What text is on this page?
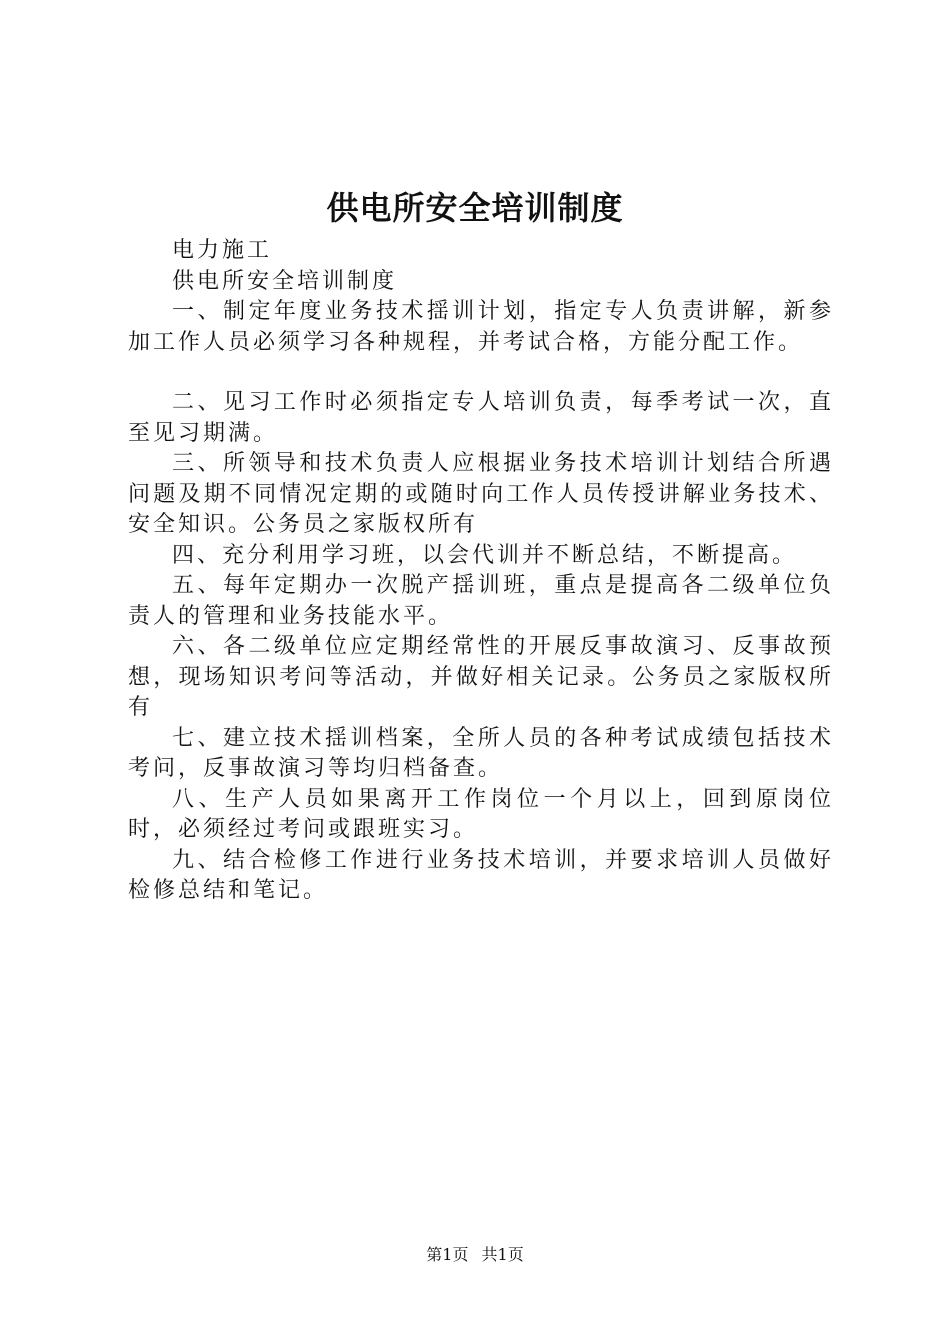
供电所安全培训制度

电力施工

供电所安全培训制度

一、制定年度业务技术揺训计划，指定专人负责讲解，新参加工作人员必须学习各种规程，并考试合格，方能分配工作。

二、见习工作时必须指定专人培训负责，每季考试一次，直至见习期满。

三、所领导和技术负责人应根据业务技术培训计划结合所遇问题及期不同情况定期的或随时向工作人员传授讲解业务技术、安全知识。公务员之家版权所有

四、充分利用学习班，以会代训并不断总结，不断提高。

五、每年定期办一次脱产揺训班，重点是提高各二级单位负责人的管理和业务技能水平。

六、各二级单位应定期经常性的开展反事故演习、反事故预想，现场知识考问等活动，并做好相关记录。公务员之家版权所有

七、建立技术揺训档案，全所人员的各种考试成绩包括技术考问，反事故演习等均归档备查。

八、生产人员如果离开工作岗位一个月以上，回到原岗位时，必须经过考问或跟班实习。

九、结合检修工作进行业务技术培训，并要求培训人员做好检修总结和笔记。

第1页 共1页
